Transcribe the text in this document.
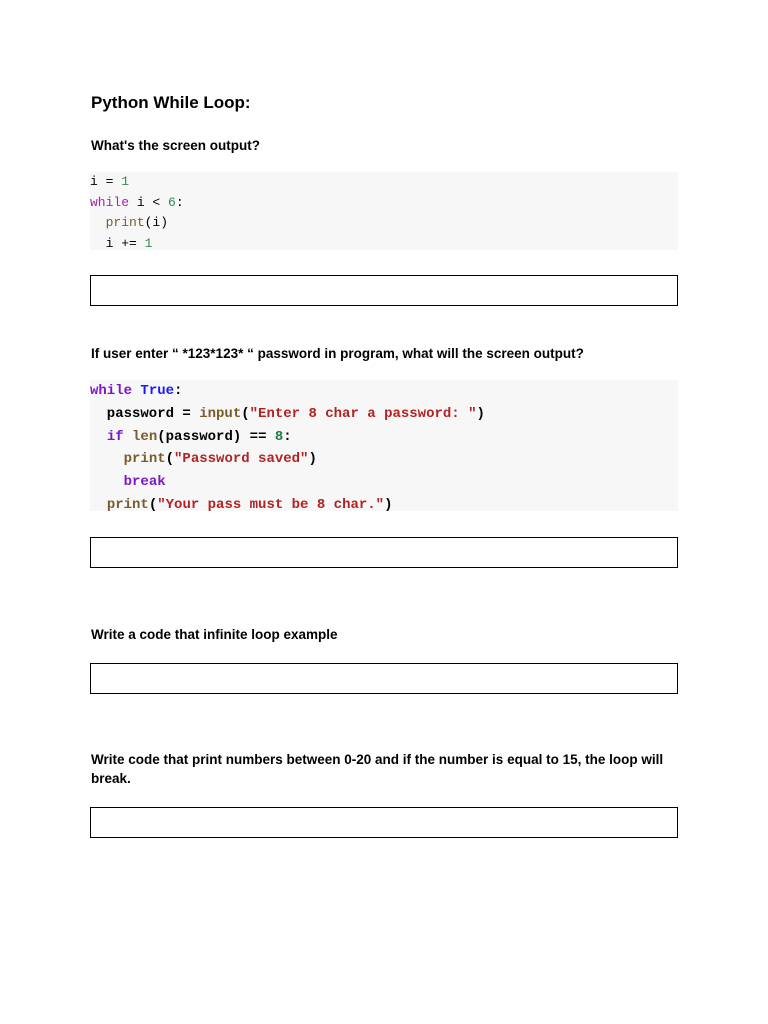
Python While Loop:

What's the screen output?

i = 1
while i < 6:
print(i)
i += 1

If user enter “ *123*123* “ password in program, what will the screen output?

while True:
password = input("Enter 8 char a password: ")
if len(password) == 8:
print("Password saved")
break
print("Your pass must be 8 char.")

Write a code that infinite loop example

Write code that print numbers between 0-20 and if the number is equal to 15, the loop will break.
